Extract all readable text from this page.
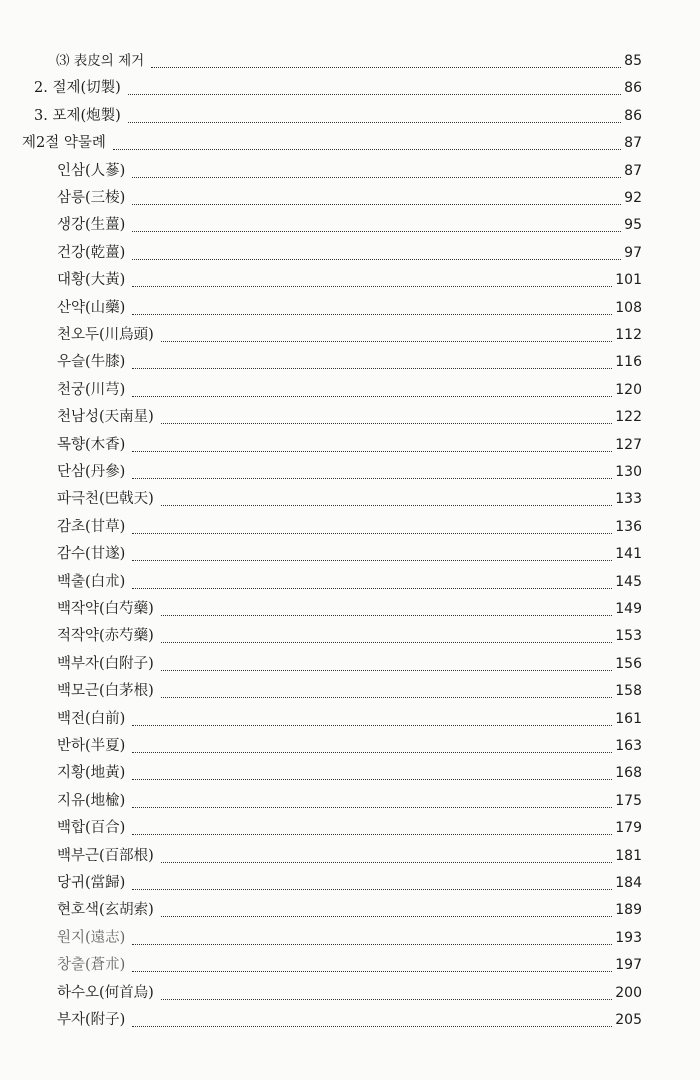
⑶ 表皮의 제거	85
2. 절제(切製)	86
3. 포제(炮製)	86
제2절 약물례	87
인삼(人蔘)	87
삼릉(三棱)	92
생강(生薑)	95
건강(乾薑)	97
대황(大黃)	101
산약(山藥)	108
천오두(川烏頭)	112
우슬(牛膝)	116
천궁(川芎)	120
천남성(天南星)	122
목향(木香)	127
단삼(丹參)	130
파극천(巴戟天)	133
감초(甘草)	136
감수(甘遂)	141
백출(白朮)	145
백작약(白芍藥)	149
적작약(赤芍藥)	153
백부자(白附子)	156
백모근(白茅根)	158
백전(白前)	161
반하(半夏)	163
지황(地黃)	168
지유(地楡)	175
백합(百合)	179
백부근(百部根)	181
당귀(當歸)	184
현호색(玄胡索)	189
원지(遠志)	193
창출(蒼朮)	197
하수오(何首烏)	200
부자(附子)	205
